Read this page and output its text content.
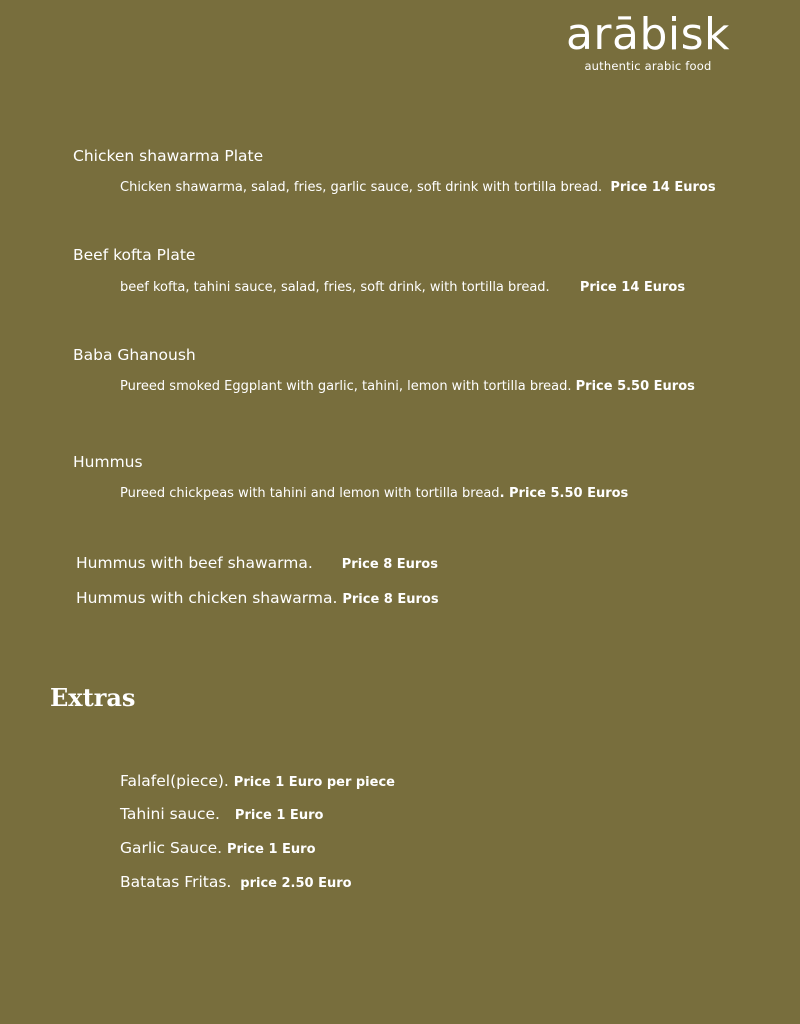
arābisk
authentic arabic food
Chicken shawarma Plate
Chicken shawarma, salad, fries, garlic sauce, soft drink with tortilla bread. Price 14 Euros
Beef kofta Plate
beef kofta, tahini sauce, salad, fries, soft drink, with tortilla bread. Price 14 Euros
Baba Ghanoush
Pureed smoked Eggplant with garlic, tahini, lemon with tortilla bread. Price 5.50 Euros
Hummus
Pureed chickpeas with tahini and lemon with tortilla bread. Price 5.50 Euros
Hummus with beef shawarma. Price 8 Euros
Hummus with chicken shawarma. Price 8 Euros
Extras
Falafel(piece). Price 1 Euro per piece
Tahini sauce. Price 1 Euro
Garlic Sauce. Price 1 Euro
Batatas Fritas. price 2.50 Euro
